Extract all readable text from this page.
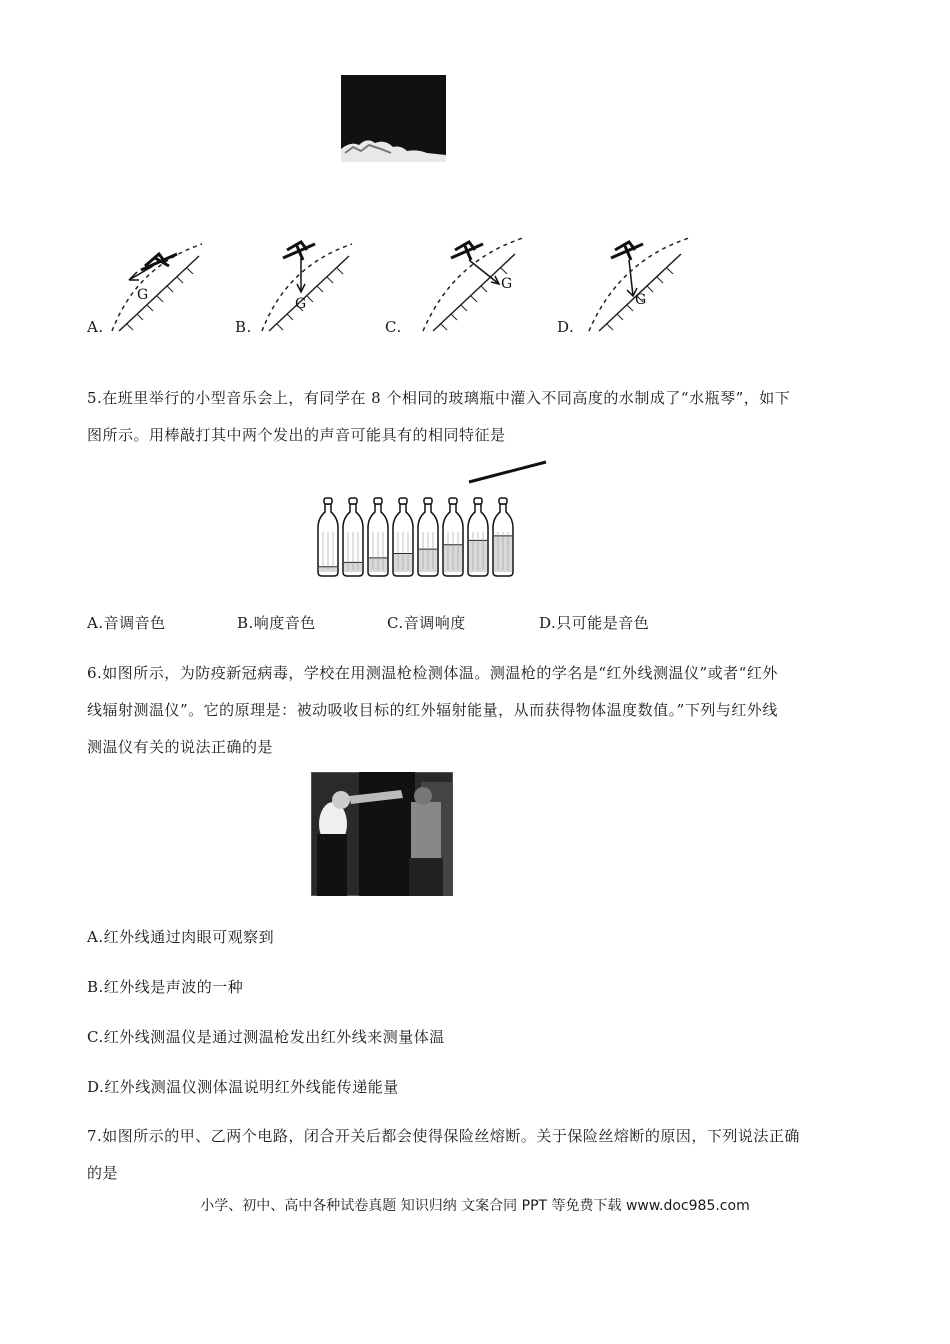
A.
G
B.
G
C.
G
D.
G
5.在班里举行的小型音乐会上，有同学在 8 个相同的玻璃瓶中灌入不同高度的水制成了“水瓶琴”，如下
图所示。用棒敲打其中两个发出的声音可能具有的相同特征是
A.音调音色	B.响度音色	C.音调响度	D.只可能是音色
6.如图所示，为防疫新冠病毒，学校在用测温枪检测体温。测温枪的学名是“红外线测温仪”或者“红外
线辐射测温仪”。它的原理是：被动吸收目标的红外辐射能量，从而获得物体温度数值。”下列与红外线
测温仪有关的说法正确的是
A.红外线通过肉眼可观察到
B.红外线是声波的一种
C.红外线测温仪是通过测温枪发出红外线来测量体温
D.红外线测温仪测体温说明红外线能传递能量
7.如图所示的甲、乙两个电路，闭合开关后都会使得保险丝熔断。关于保险丝熔断的原因，下列说法正确
的是
小学、初中、高中各种试卷真题 知识归纳 文案合同 PPT 等免费下载 www.doc985.com
